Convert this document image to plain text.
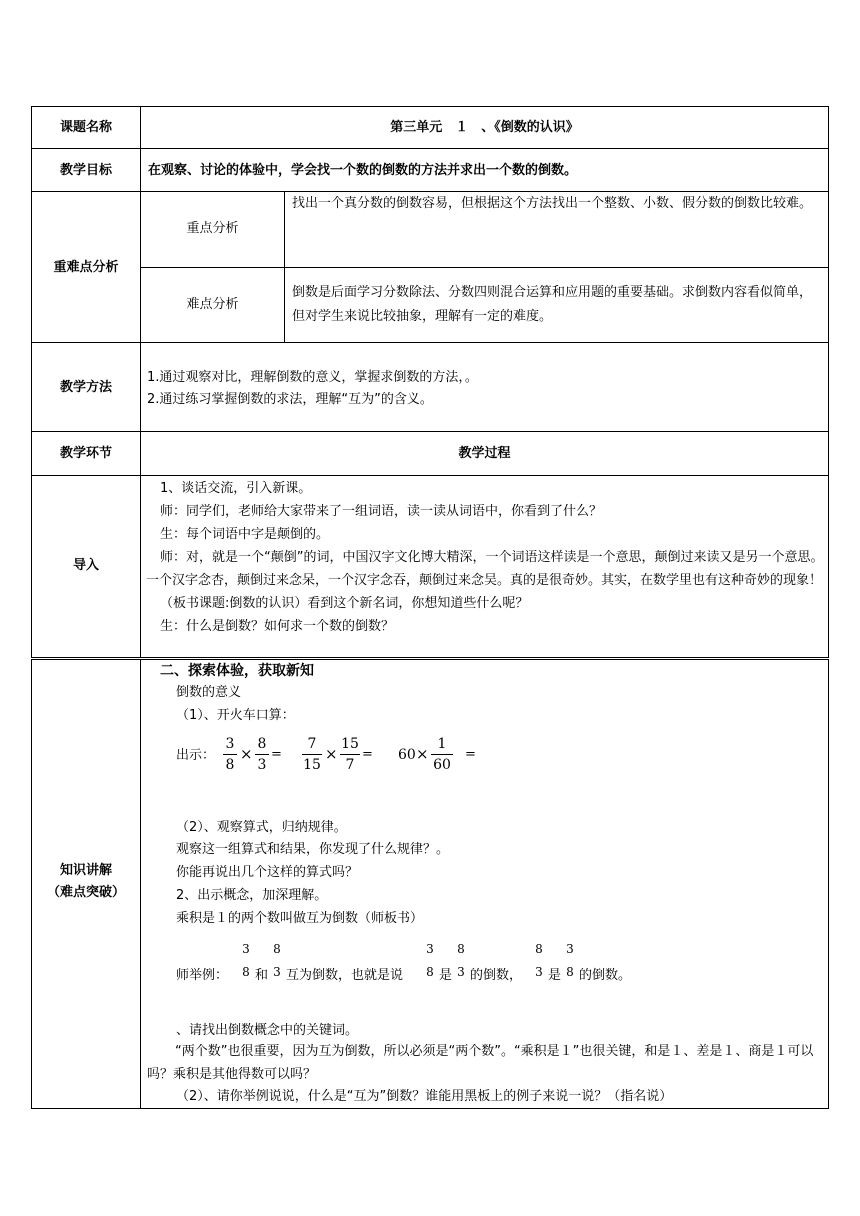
课题名称
教学目标
重难点分析
教学方法
教学环节
导入
知识讲解
（难点突破）
第三单元　１　、《倒数的认识》
在观察、讨论的体验中，学会找一个数的倒数的方法并求出一个数的倒数。
重点分析
找出一个真分数的倒数容易，但根据这个方法找出一个整数、小数、假分数的倒数比较难。
难点分析
倒数是后面学习分数除法、分数四则混合运算和应用题的重要基础。求倒数内容看似简单，但对学生来说比较抽象，理解有一定的难度。
1.通过观察对比，理解倒数的意义，掌握求倒数的方法，。
2.通过练习掌握倒数的求法，理解“互为”的含义。
教学过程
1、谈话交流，引入新课。
师：同学们，老师给大家带来了一组词语，读一读从词语中，你看到了什么？
生：每个词语中字是颠倒的。
师：对，就是一个“颠倒”的词，中国汉字文化博大精深，一个词语这样读是一个意思，颠倒过来读又是另一个意思。一个汉字念杏，颠倒过来念呆，一个汉字念吞，颠倒过来念吴。真的是很奇妙。其实，在数学里也有这种奇妙的现象！
（板书课题:倒数的认识）看到这个新名词，你想知道些什么呢？
生：什么是倒数？如何求一个数的倒数？
二、探索体验，获取新知
倒数的意义
（1）、开火车口算：
出示：
3
8
×
8
3
=
7
15
×
15
7
= 60 ×
1
60
=
（2）、观察算式，归纳规律。
观察这一组算式和结果，你发现了什么规律？。
你能再说出几个这样的算式吗？
2、出示概念，加深理解。
乘积是１的两个数叫做互为倒数（师板书）
师举例：
3
8 和
8
3 互为倒数，也就是说
3
8 是
8
3 的倒数，
8
3 是
3
8 的倒数。
、请找出倒数概念中的关键词。
“两个数”也很重要，因为互为倒数，所以必须是“两个数”。“乘积是１”也很关键，和是１、差是１、商是１可以吗？乘积是其他得数可以吗？
（2）、请你举例说说，什么是“互为”倒数？谁能用黑板上的例子来说一说？（指名说）
